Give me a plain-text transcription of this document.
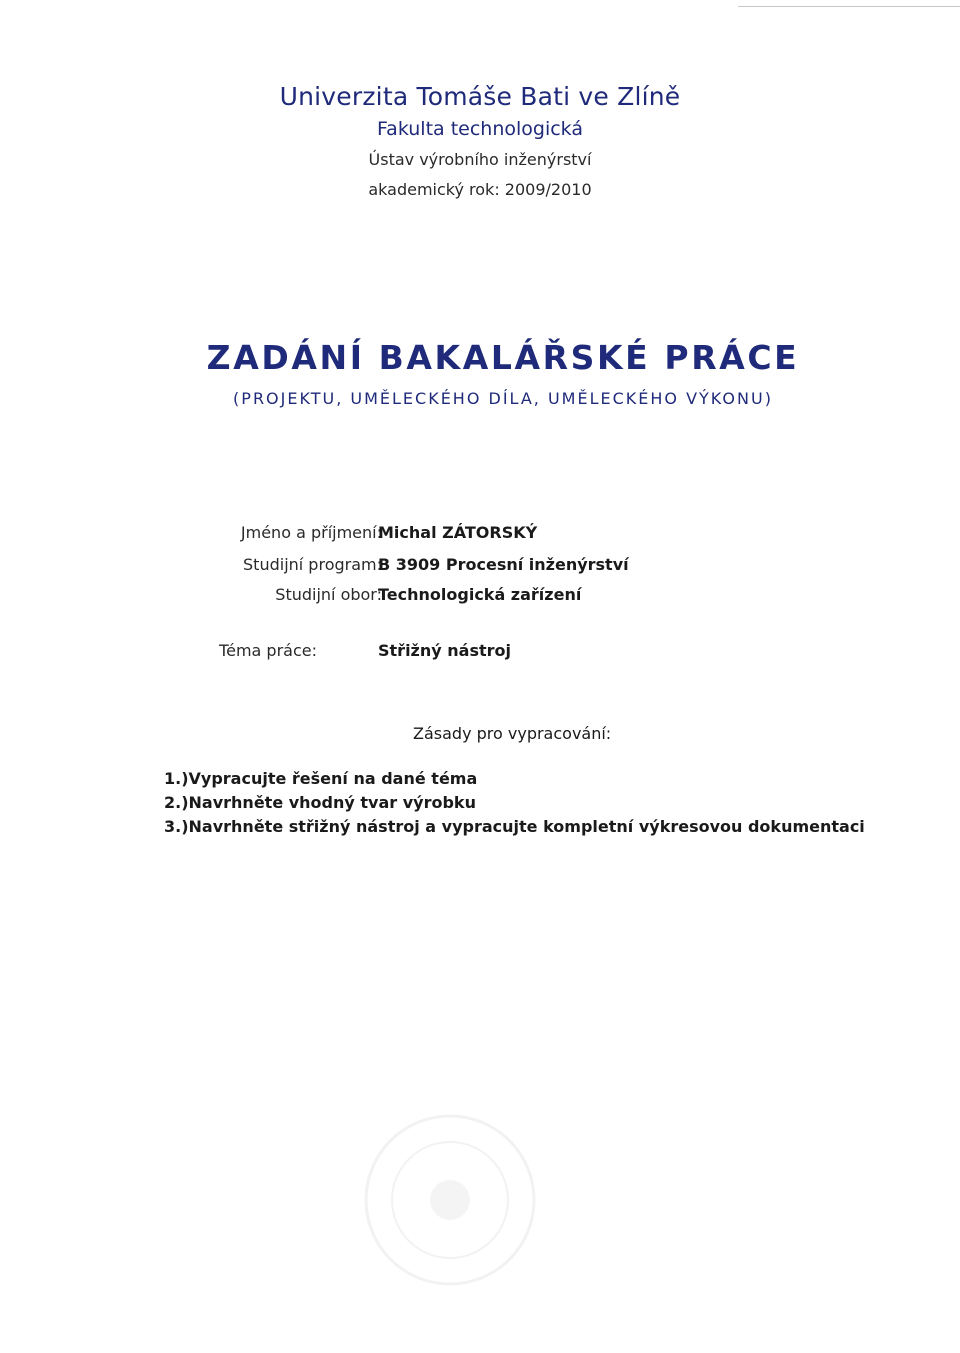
Univerzita Tomáše Bati ve Zlíně
Fakulta technologická
Ústav výrobního inženýrství
akademický rok: 2009/2010
ZADÁNÍ BAKALÁŘSKÉ PRÁCE
(PROJEKTU, UMĚLECKÉHO DÍLA, UMĚLECKÉHO VÝKONU)
Jméno a příjmení:
Michal ZÁTORSKÝ
Studijní program:
B 3909 Procesní inženýrství
Studijní obor:
Technologická zařízení
Téma práce:	Střižný nástroj
Zásady pro vypracování:
1.)Vypracujte řešení na dané téma
2.)Navrhněte vhodný tvar výrobku
3.)Navrhněte střižný nástroj a vypracujte kompletní výkresovou dokumentaci
